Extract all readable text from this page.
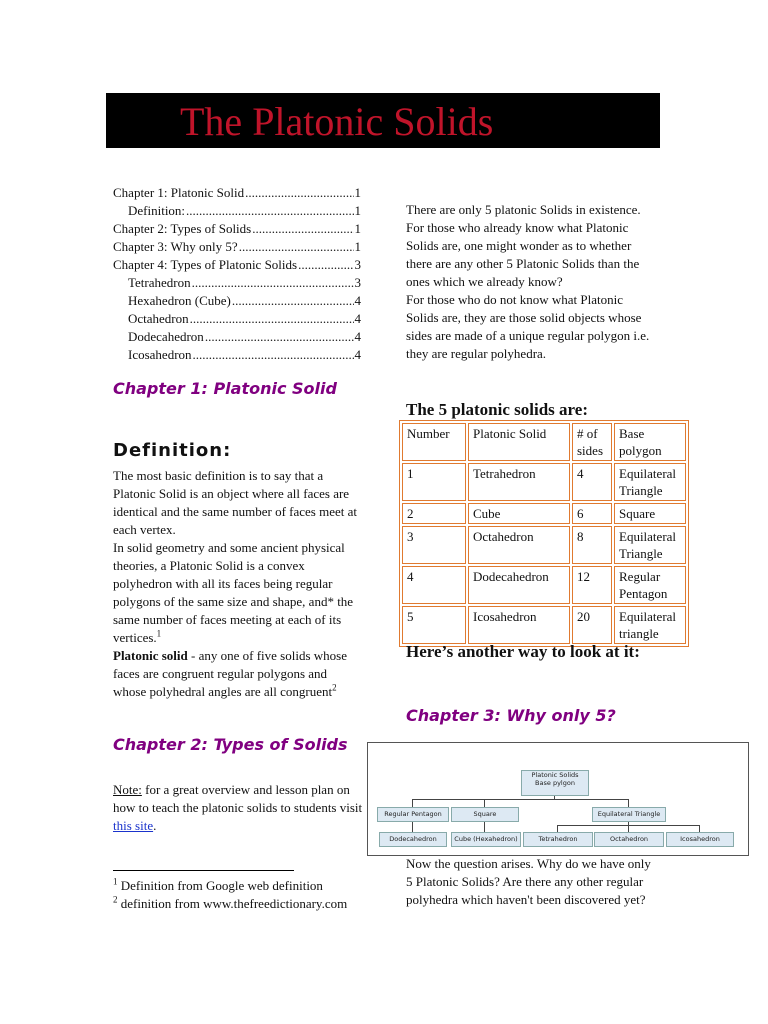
The Platonic Solids
Chapter 1: Platonic Solid .....	1
Definition: .....	1
Chapter 2: Types of Solids .....	1
Chapter 3: Why only 5? .....	1
Chapter 4: Types of Platonic Solids .....	3
Tetrahedron .....	3
Hexahedron (Cube) .....	4
Octahedron .....	4
Dodecahedron .....	4
Icosahedron .....	4
Chapter 1: Platonic Solid
Definition:
The most basic definition is to say that a Platonic Solid is an object where all faces are identical and the same number of faces meet at each vertex.
In solid geometry and some ancient physical theories, a Platonic Solid is a convex polyhedron with all its faces being regular polygons of the same size and shape, and* the same number of faces meeting at each of its vertices.$^1$
Platonic solid - any one of five solids whose faces are congruent regular polygons and whose polyhedral angles are all congruent$^2$
Chapter 2: Types of Solids
Note: for a great overview and lesson plan on how to teach the platonic solids to students visit this site.
$^1$ Definition from Google web definition
$^2$ definition from www.thefreedictionary.com
There are only 5 platonic Solids in existence. For those who already know what Platonic Solids are, one might wonder as to whether there are any other 5 Platonic Solids than the ones which we already know?
For those who do not know what Platonic Solids are, they are those solid objects whose sides are made of a unique regular polygon i.e. they are regular polyhedra.
The 5 platonic solids are:
Number	Platonic Solid	# of sides	Base polygon
1	Tetrahedron	4	Equilateral Triangle
2	Cube	6	Square
3	Octahedron	8	Equilateral Triangle
4	Dodecahedron	12	Regular Pentagon
5	Icosahedron	20	Equilateral triangle
Here’s another way to look at it:
Chapter 3: Why only 5?
Platonic Solids
Base pylgon
Regular Pentagon	Square	Equilateral Triangle
Dodecahedron	Cube (Hexahedron)	Tetrahedron	Octahedron	Icosahedron
Now the question arises. Why do we have only 5 Platonic Solids? Are there any other regular polyhedra which haven't been discovered yet?
